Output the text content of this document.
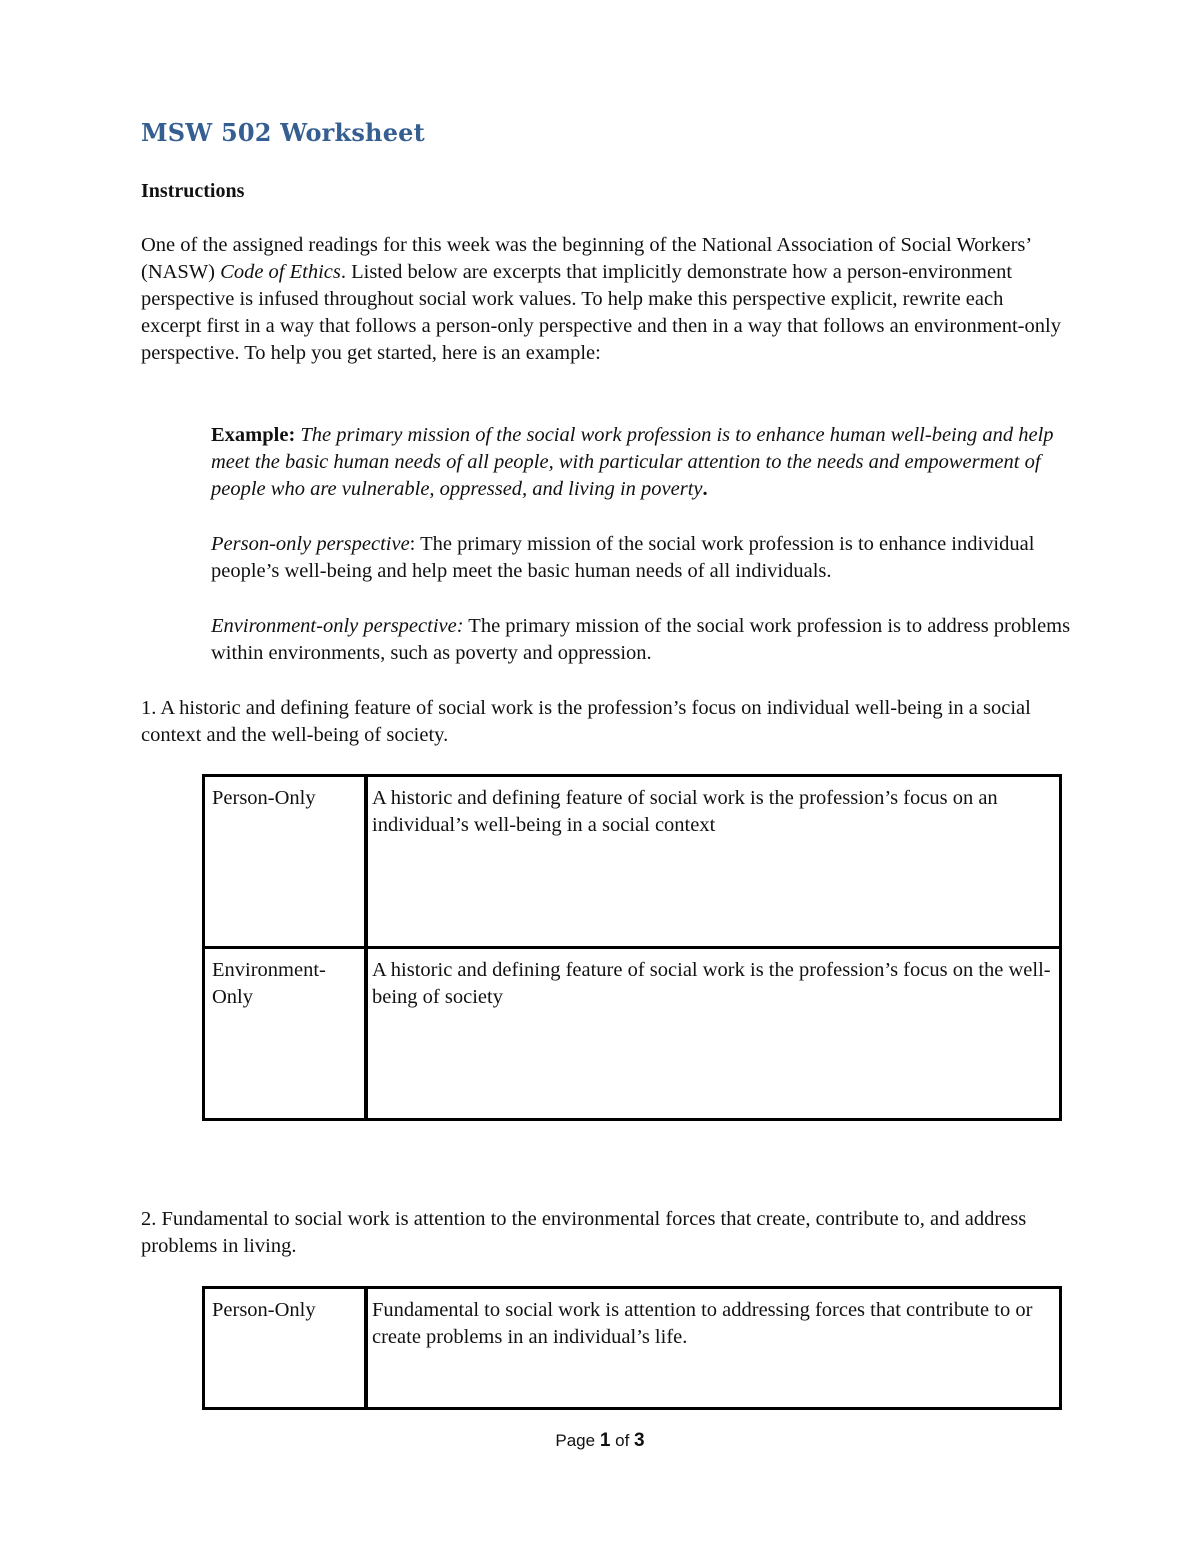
MSW 502 Worksheet
Instructions

One of the assigned readings for this week was the beginning of the National Association of Social Workers’ (NASW) Code of Ethics. Listed below are excerpts that implicitly demonstrate how a person-environment perspective is infused throughout social work values. To help make this perspective explicit, rewrite each excerpt first in a way that follows a person-only perspective and then in a way that follows an environment-only perspective. To help you get started, here is an example:

Example: The primary mission of the social work profession is to enhance human well-being and help meet the basic human needs of all people, with particular attention to the needs and empowerment of people who are vulnerable, oppressed, and living in poverty.

Person-only perspective: The primary mission of the social work profession is to enhance individual people’s well-being and help meet the basic human needs of all individuals.

Environment-only perspective: The primary mission of the social work profession is to address problems within environments, such as poverty and oppression.

1. A historic and defining feature of social work is the profession’s focus on individual well-being in a social context and the well-being of society.

Person-Only	A historic and defining feature of social work is the profession’s focus on an individual’s well-being in a social context
Environment-Only	A historic and defining feature of social work is the profession’s focus on the well-being of society

2. Fundamental to social work is attention to the environmental forces that create, contribute to, and address problems in living.

Person-Only	Fundamental to social work is attention to addressing forces that contribute to or create problems in an individual’s life.
Page 1 of 3
